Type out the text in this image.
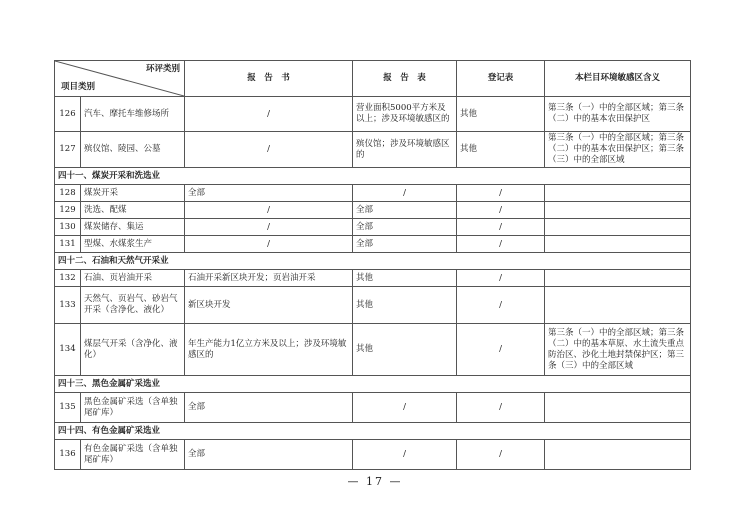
环评类别
项目类别		报　告　书	报　告　表	登记表	本栏目环境敏感区含义
126	汽车、摩托车维修场所	/	营业面积5000平方米及以上；涉及环境敏感区的	其他	第三条（一）中的全部区域；第三条（二）中的基本农田保护区
127	殡仪馆、陵园、公墓	/	殡仪馆；涉及环境敏感区的	其他	第三条（一）中的全部区域；第三条（二）中的基本农田保护区；第三条（三）中的全部区域
四十一、煤炭开采和洗选业					
128	煤炭开采	全部	/	/	
129	洗选、配煤	/	全部	/	
130	煤炭储存、集运	/	全部	/	
131	型煤、水煤浆生产	/	全部	/	
四十二、石油和天然气开采业					
132	石油、页岩油开采	石油开采新区块开发；页岩油开采	其他	/	
133	天然气、页岩气、砂岩气开采（含净化、液化）	新区块开发	其他	/	
134	煤层气开采（含净化、液化）	年生产能力1亿立方米及以上；涉及环境敏感区的	其他	/	第三条（一）中的全部区域；第三条（二）中的基本草原、水土流失重点防治区、沙化土地封禁保护区；第三条（三）中的全部区域
四十三、黑色金属矿采选业					
135	黑色金属矿采选（含单独尾矿库）	全部	/	/	
四十四、有色金属矿采选业					
136	有色金属矿采选（含单独尾矿库）	全部	/	/	
— 17 —
